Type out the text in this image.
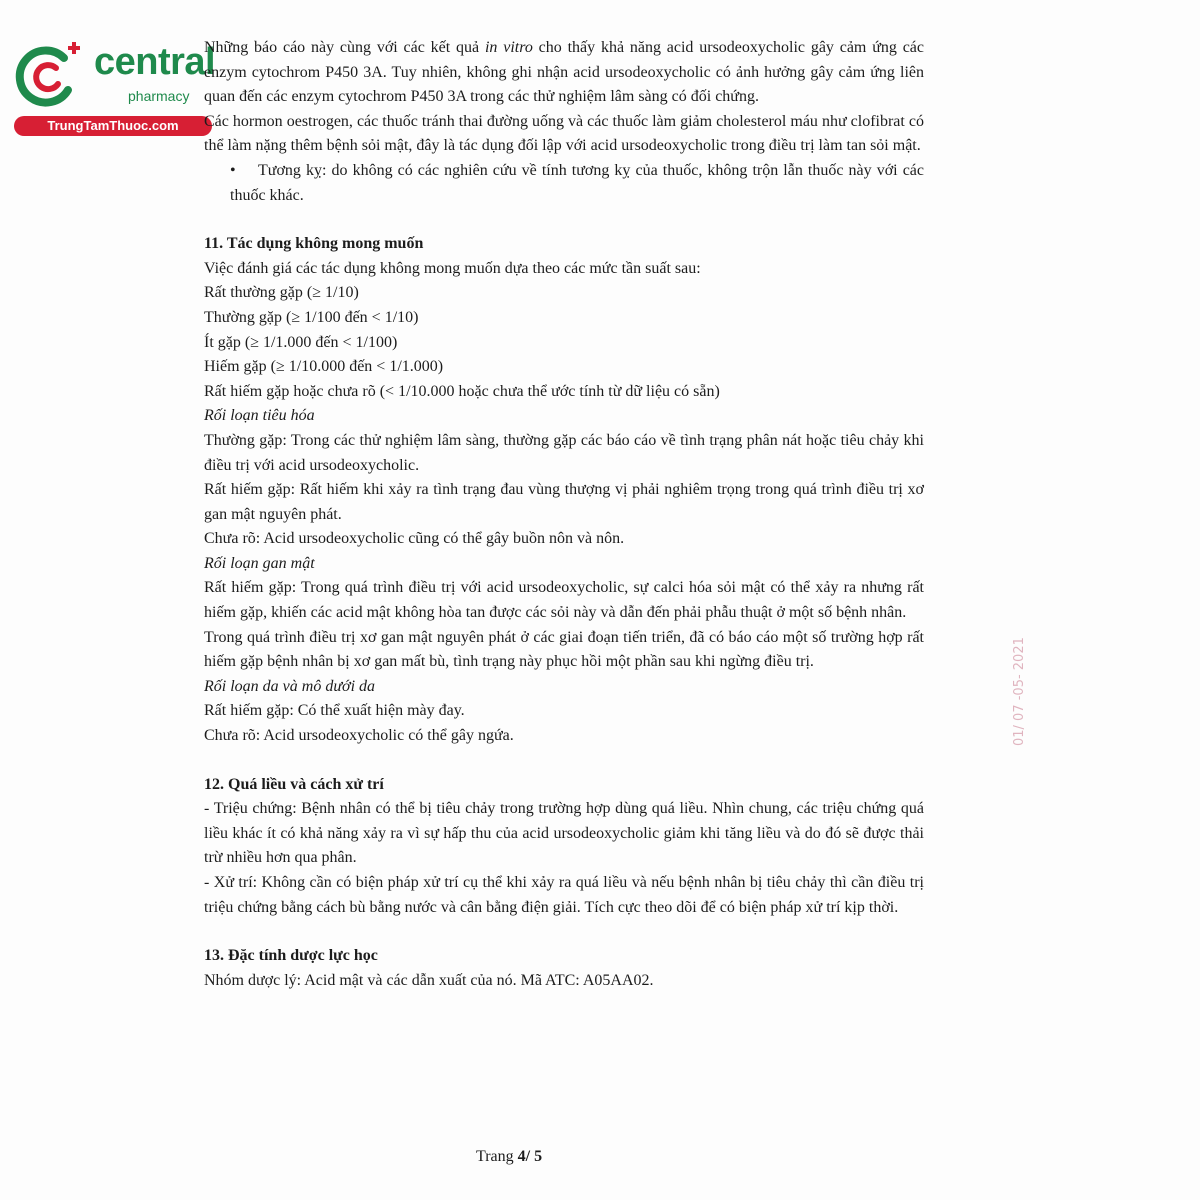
central
pharmacy
TrungTamThuoc.com

Những báo cáo này cùng với các kết quả in vitro cho thấy khả năng acid ursodeoxycholic gây cảm ứng các enzym cytochrom P450 3A. Tuy nhiên, không ghi nhận acid ursodeoxycholic có ảnh hưởng gây cảm ứng liên quan đến các enzym cytochrom P450 3A trong các thử nghiệm lâm sàng có đối chứng.

Các hormon oestrogen, các thuốc tránh thai đường uống và các thuốc làm giảm cholesterol máu như clofibrat có thể làm nặng thêm bệnh sỏi mật, đây là tác dụng đối lập với acid ursodeoxycholic trong điều trị làm tan sỏi mật.

• Tương kỵ: do không có các nghiên cứu về tính tương kỵ của thuốc, không trộn lẫn thuốc này với các thuốc khác.

11. Tác dụng không mong muốn

Việc đánh giá các tác dụng không mong muốn dựa theo các mức tần suất sau:

Rất thường gặp (≥ 1/10)

Thường gặp (≥ 1/100 đến < 1/10)

Ít gặp (≥ 1/1.000 đến < 1/100)

Hiếm gặp (≥ 1/10.000 đến < 1/1.000)

Rất hiếm gặp hoặc chưa rõ (< 1/10.000 hoặc chưa thể ước tính từ dữ liệu có sẵn)

Rối loạn tiêu hóa

Thường gặp: Trong các thử nghiệm lâm sàng, thường gặp các báo cáo về tình trạng phân nát hoặc tiêu chảy khi điều trị với acid ursodeoxycholic.

Rất hiếm gặp: Rất hiếm khi xảy ra tình trạng đau vùng thượng vị phải nghiêm trọng trong quá trình điều trị xơ gan mật nguyên phát.

Chưa rõ: Acid ursodeoxycholic cũng có thể gây buồn nôn và nôn.

Rối loạn gan mật

Rất hiếm gặp: Trong quá trình điều trị với acid ursodeoxycholic, sự calci hóa sỏi mật có thể xảy ra nhưng rất hiếm gặp, khiến các acid mật không hòa tan được các sỏi này và dẫn đến phải phẫu thuật ở một số bệnh nhân.

Trong quá trình điều trị xơ gan mật nguyên phát ở các giai đoạn tiến triển, đã có báo cáo một số trường hợp rất hiếm gặp bệnh nhân bị xơ gan mất bù, tình trạng này phục hồi một phần sau khi ngừng điều trị.

Rối loạn da và mô dưới da

Rất hiếm gặp: Có thể xuất hiện mày đay.

Chưa rõ: Acid ursodeoxycholic có thể gây ngứa.

12. Quá liều và cách xử trí

- Triệu chứng: Bệnh nhân có thể bị tiêu chảy trong trường hợp dùng quá liều. Nhìn chung, các triệu chứng quá liều khác ít có khả năng xảy ra vì sự hấp thu của acid ursodeoxycholic giảm khi tăng liều và do đó sẽ được thải trừ nhiều hơn qua phân.

- Xử trí: Không cần có biện pháp xử trí cụ thể khi xảy ra quá liều và nếu bệnh nhân bị tiêu chảy thì cần điều trị triệu chứng bằng cách bù bằng nước và cân bằng điện giải. Tích cực theo dõi để có biện pháp xử trí kịp thời.

13. Đặc tính dược lực học

Nhóm dược lý: Acid mật và các dẫn xuất của nó. Mã ATC: A05AA02.

01/ 07 -05- 2021
Trang 4/ 5
